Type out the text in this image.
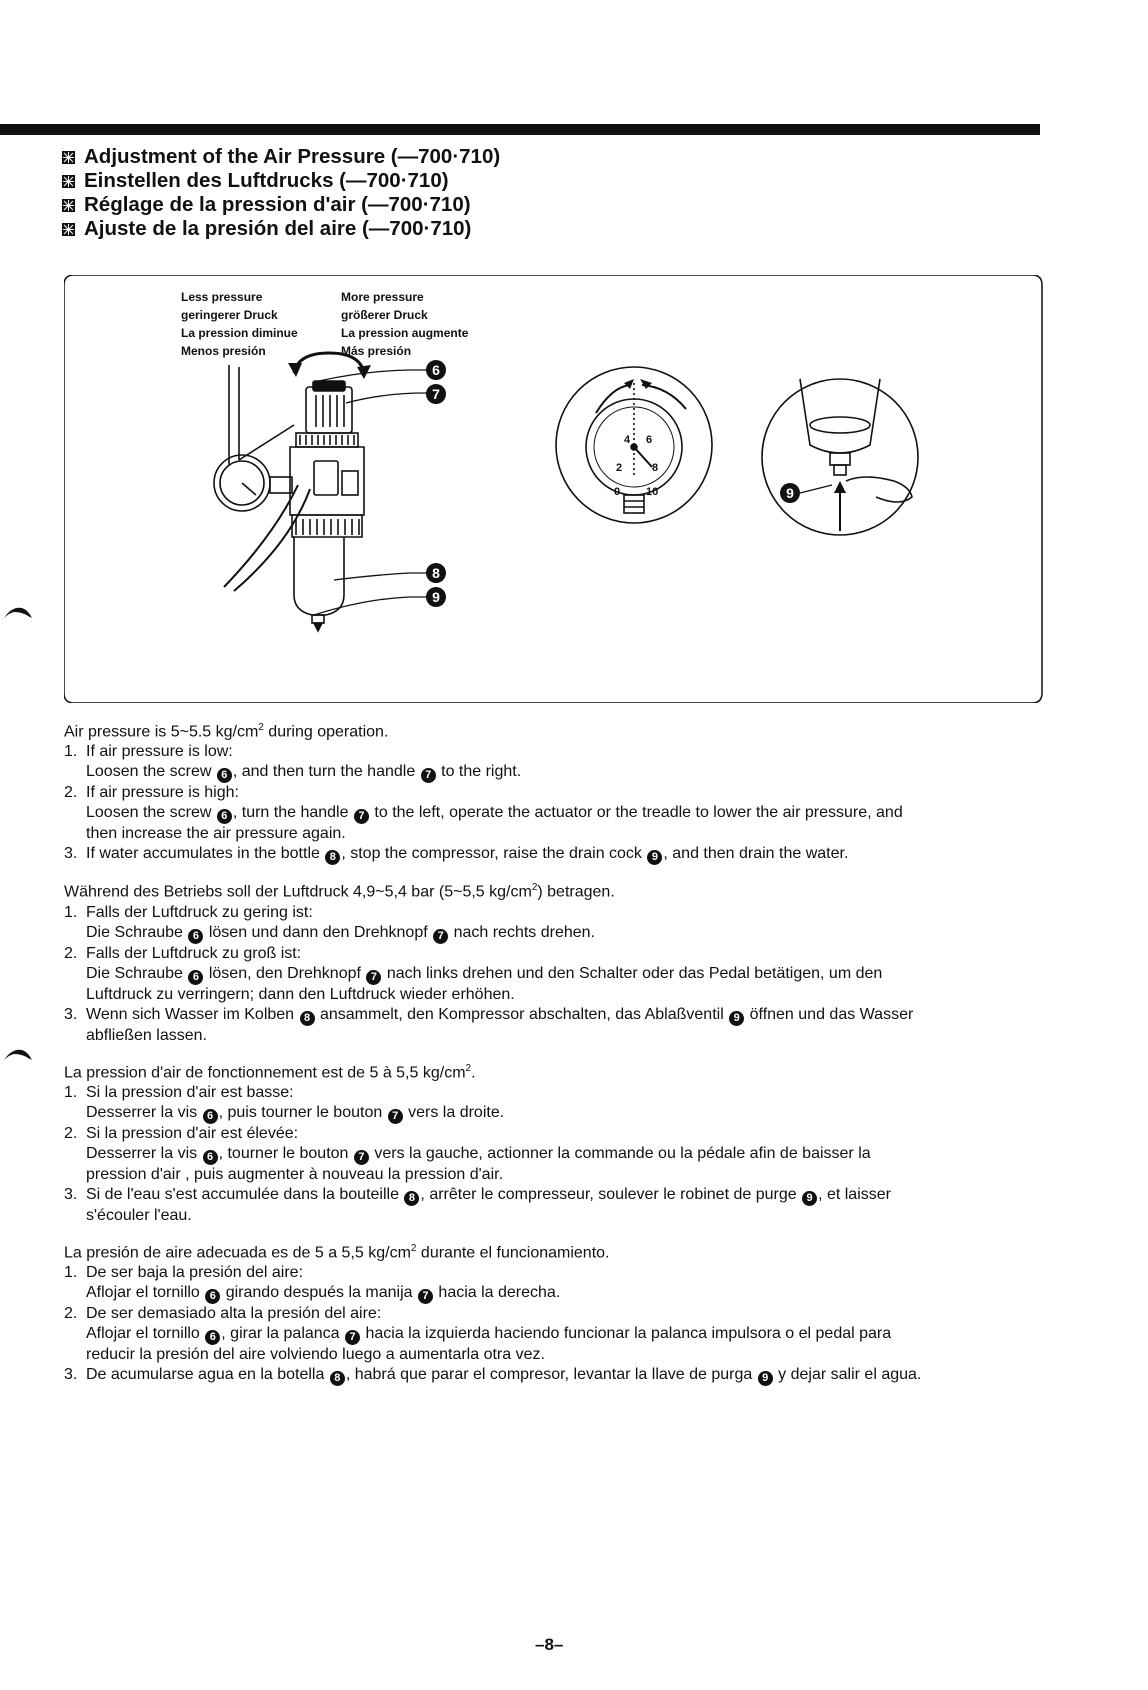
Adjustment of the Air Pressure (—700·710)
Einstellen des Luftdrucks (—700·710)
Réglage de la pression d'air (—700·710)
Ajuste de la presión del aire (—700·710)
6
7
8
9
2
4 6
8
0 10	9
Less pressure	More pressure
geringerer Druck	größerer Druck
La pression diminue	La pression augmente
Menos presión	Más presión
Air pressure is 5~5.5 $kg/cm^2$ during operation.
1. If air pressure is low:
Loosen the screw 6 , and then turn the handle 7 to the right.
2. If air pressure is high:
Loosen the screw 6 , turn the handle 7 to the left, operate the actuator or the treadle to lower the air pressure, and
then increase the air pressure again.
3. If water accumulates in the bottle 8 , stop the compressor, raise the drain cock 9 , and then drain the water.
Während des Betriebs soll der Luftdruck 4,9~5,4 bar (5~5,5 $kg/cm^2$) betragen.
1. Falls der Luftdruck zu gering ist:
Die Schraube 6 lösen und dann den Drehknopf 7 nach rechts drehen.
2. Falls der Luftdruck zu groß ist:
Die Schraube 6 lösen, den Drehknopf 7 nach links drehen und den Schalter oder das Pedal betätigen, um den
Luftdruck zu verringern; dann den Luftdruck wieder erhöhen.
3. Wenn sich Wasser im Kolben 8 ansammelt, den Kompressor abschalten, das Ablaßventil 9 öffnen und das Wasser
abfließen lassen.
La pression d'air de fonctionnement est de 5 à 5,5 $kg/cm^2$.
1. Si la pression d'air est basse:
Desserrer la vis 6 , puis tourner le bouton 7 vers la droite.
2. Si la pression d'air est élevée:
Desserrer la vis 6 , tourner le bouton 7 vers la gauche, actionner la commande ou la pédale afin de baisser la
pression d'air , puis augmenter à nouveau la pression d'air.
3. Si de l'eau s'est accumulée dans la bouteille 8 , arrêter le compresseur, soulever le robinet de purge 9 , et laisser
s'écouler l'eau.
La presión de aire adecuada es de 5 a 5,5 $kg/cm^2$ durante el funcionamiento.
1. De ser baja la presión del aire:
Aflojar el tornillo 6 girando después la manija 7 hacia la derecha.
2. De ser demasiado alta la presión del aire:
Aflojar el tornillo 6 , girar la palanca 7 hacia la izquierda haciendo funcionar la palanca impulsora o el pedal para
reducir la presión del aire volviendo luego a aumentarla otra vez.
3. De acumularse agua en la botella 8 , habrá que parar el compresor, levantar la llave de purga 9 y dejar salir el agua.
–8–
